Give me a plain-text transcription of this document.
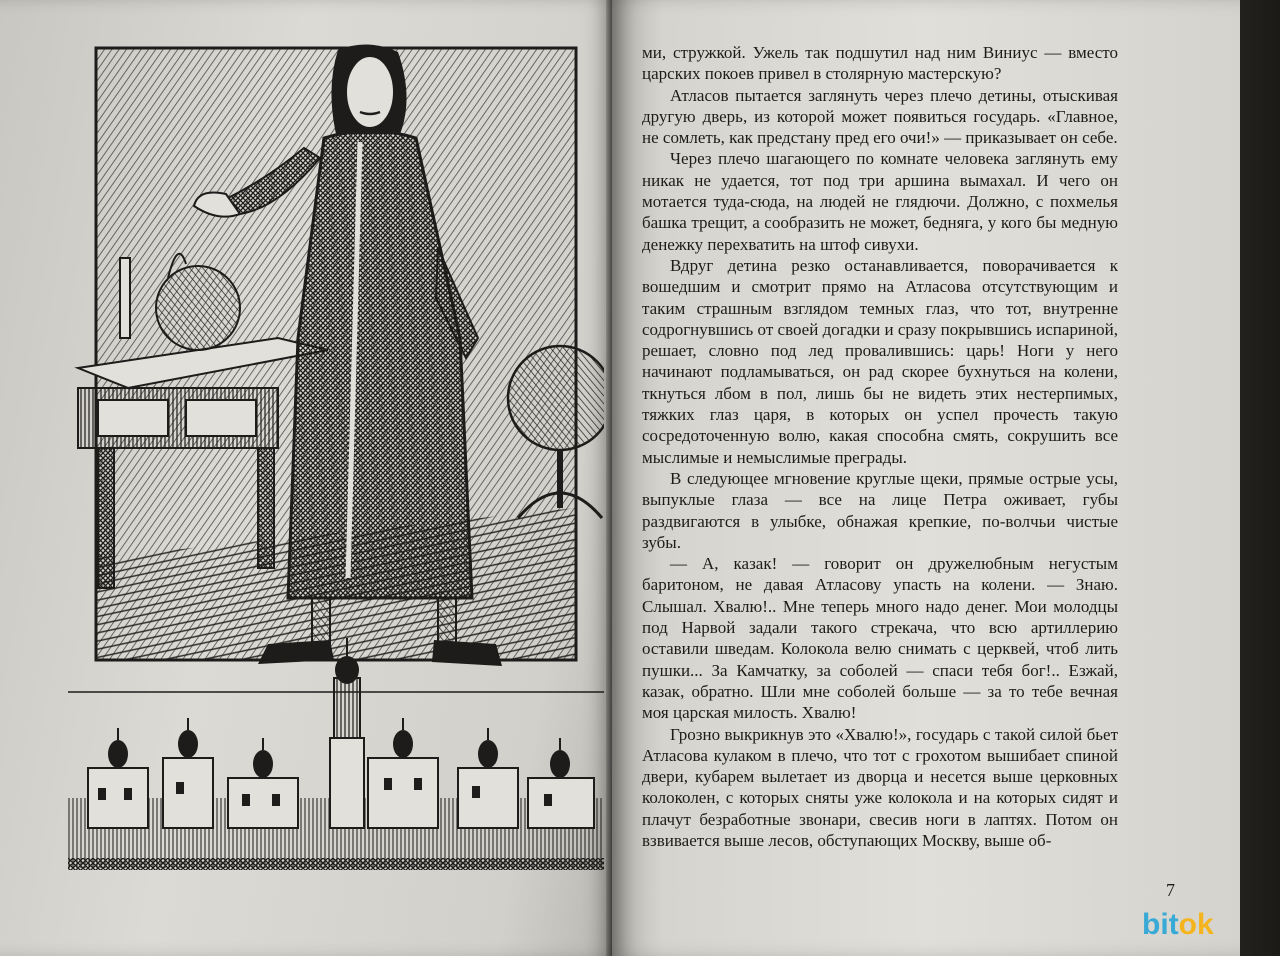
ми, стружкой. Ужель так подшутил над ним Виниус — вместо царских покоев привел в столярную мастерскую?

Атласов пытается заглянуть через плечо детины, отыскивая другую дверь, из которой может появиться государь. «Главное, не сомлеть, как предстану пред его очи!» — приказывает он себе.

Через плечо шагающего по комнате человека заглянуть ему никак не удается, тот под три аршина вымахал. И чего он мотается туда-сюда, на людей не глядючи. Должно, с похмелья башка трещит, а сообразить не может, бедняга, у кого бы медную денежку перехватить на штоф сивухи.

Вдруг детина резко останавливается, поворачивается к вошедшим и смотрит прямо на Атласова отсутствующим и таким страшным взглядом темных глаз, что тот, внутренне содрогнувшись от своей догадки и сразу покрывшись испариной, решает, словно под лед провалившись: царь! Ноги у него начинают подламываться, он рад скорее бухнуться на колени, ткнуться лбом в пол, лишь бы не видеть этих нестерпимых, тяжких глаз царя, в которых он успел прочесть такую сосредоточенную волю, какая способна смять, сокрушить все мыслимые и немыслимые преграды.

В следующее мгновение круглые щеки, прямые острые усы, выпуклые глаза — все на лице Петра оживает, губы раздвигаются в улыбке, обнажая крепкие, по-волчьи чистые зубы.

— А, казак! — говорит он дружелюбным негустым баритоном, не давая Атласову упасть на колени. — Знаю. Слышал. Хвалю!.. Мне теперь много надо денег. Мои молодцы под Нарвой задали такого стрекача, что всю артиллерию оставили шведам. Колокола велю снимать с церквей, чтоб лить пушки... За Камчатку, за соболей — спаси тебя бог!.. Езжай, казак, обратно. Шли мне соболей больше — за то тебе вечная моя царская милость. Хвалю!

Грозно выкрикнув это «Хвалю!», государь с такой силой бьет Атласова кулаком в плечо, что тот с грохотом вышибает спиной двери, кубарем вылетает из дворца и несется выше церковных колоколен, с которых сняты уже колокола и на которых сидят и плачут безработные звонари, свесив ноги в лаптях. Потом он взвивается выше лесов, обступающих Москву, выше об-

7
bitok
